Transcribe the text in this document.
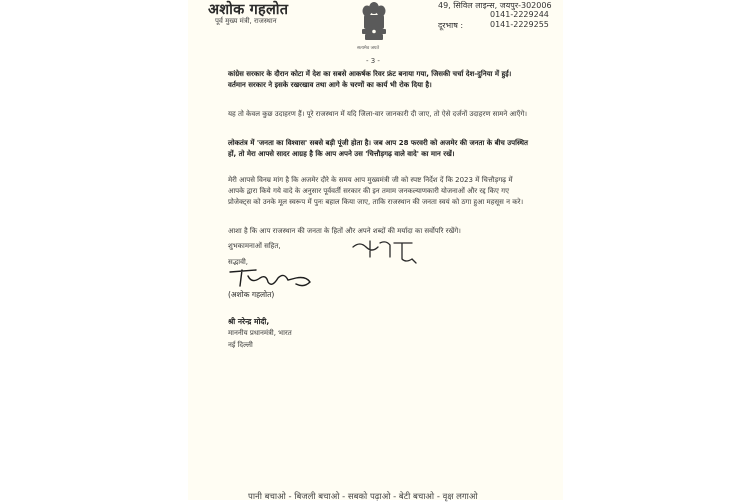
अशोक गहलोत
पूर्व मुख्य मंत्री, राजस्थान
सत्यमेव जयते
49, सिविल लाइन्स, जयपुर-302006
दूरभाष :
0141-2229244
0141-2229255
- 3 -
कांग्रेस सरकार के दौरान कोटा में देश का सबसे आकर्षक रिवर फ्रंट बनाया गया, जिसकी चर्चा देश-दुनिया में हुई। वर्तमान सरकार ने इसके रखरखाव तथा आगे के चरणों का कार्य भी रोक दिया है।
यह तो केवल कुछ उदाहरण हैं। पूरे राजस्थान में यदि जिला-वार जानकारी दी जाए, तो ऐसे दर्जनों उदाहरण सामने आएँगे।
लोकतंत्र में 'जनता का विश्वास' सबसे बड़ी पूंजी होता है। जब आप 28 फरवरी को अजमेर की जनता के बीच उपस्थित हों, तो मेरा आपसे सादर आग्रह है कि आप अपने उस 'चित्तौड़गढ़ वाले वादे' का मान रखें।
मेरी आपसे विनम्र मांग है कि अजमेर दौरे के समय आप मुख्यमंत्री जी को स्पष्ट निर्देश दें कि 2023 में चित्तौड़गढ़ में आपके द्वारा किये गये वादे के अनुसार पूर्ववर्ती सरकार की इन तमाम जनकल्याणकारी योजनाओं और रद्द किए गए प्रोजेक्ट्स को उनके मूल स्वरूप में पुनः बहाल किया जाए, ताकि राजस्थान की जनता स्वयं को ठगा हुआ महसूस न करे।
आशा है कि आप राजस्थान की जनता के हितों और अपने शब्दों की मर्यादा का सर्वोपरि रखेंगे।
शुभकामनाओं सहित,
सद्भावी,
(अशोक गहलोत)
श्री नरेन्द्र मोदी,
माननीय प्रधानमंत्री, भारत
नई दिल्ली
पानी बचाओ - बिजली बचाओ - सबको पढ़ाओ - बेटी बचाओ - वृक्ष लगाओ
